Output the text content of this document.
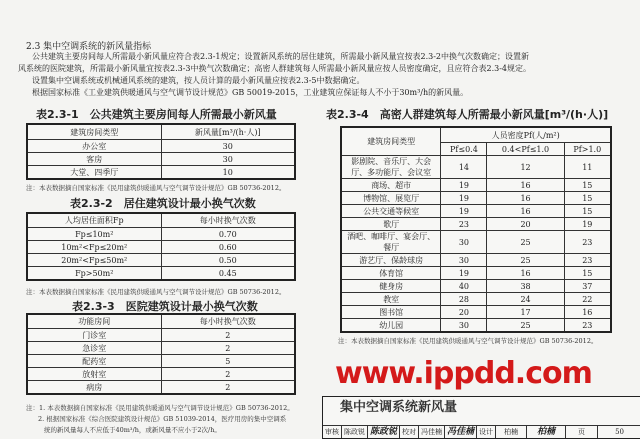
2.3 集中空调系统的新风量指标
公共建筑主要房间每人所需最小新风量应符合表2.3-1规定；设置新风系统的居住建筑，所需最小新风量宜按表2.3-2中换气次数确定；设置新
风系统的医院建筑，所需最小新风量宜按表2.3-3中换气次数确定；高密人群建筑每人所需最小新风量应按人员密度确定，且应符合表2.3-4规定。
设置集中空调系统或机械通风系统的建筑，按人员计算的最小新风量应按表2.3-5中数据确定。
根据国家标准《工业建筑供暖通风与空气调节设计规范》GB 50019-2015，工业建筑应保证每人不小于30m³/h的新风量。
表2.3-1　公共建筑主要房间每人所需最小新风量
建筑房间类型	新风量[m³/(h·人)]
办公室	30
客房	30
大堂、四季厅	10
注：本表数据摘自国家标准《民用建筑供暖通风与空气调节设计规范》GB 50736-2012。
表2.3-2　居住建筑设计最小换气次数
人均居住面积Fp	每小时换气次数
Fp≤10m²	0.70
10m²<Fp≤20m²	0.60
20m²<Fp≤50m²	0.50
Fp>50m²	0.45
注：本表数据摘自国家标准《民用建筑供暖通风与空气调节设计规范》GB 50736-2012。
表2.3-3　医院建筑设计最小换气次数
功能房间	每小时换气次数
门诊室	2
急诊室	2
配药室	5
放射室	2
病房	2
注：1. 本表数据摘自国家标准《民用建筑供暖通风与空气调节设计规范》GB 50736-2012。
2. 根据国家标准《综合医院建筑设计规范》GB 51039-2014，医疗用房的集中空调系
统的新风量每人不应低于40m³/h，或新风量不应小于2次/h。
表2.3-4　高密人群建筑每人所需最小新风量[m³/(h·人)]
建筑房间类型	人员密度Pf(人/m²)		
	Pf≤0.4	0.4<Pf≤1.0	Pf>1.0
影剧院、音乐厅、大会厅、多功能厅、会议室	14	12	11
商场、超市	19	16	15
博物馆、展览厅	19	16	15
公共交通等候室	19	16	15
歌厅	23	20	19
酒吧、咖啡厅、宴会厅、餐厅	30	25	23
游艺厅、保龄球房	30	25	23
体育馆	19	16	15
健身房	40	38	37
教室	28	24	22
图书馆	20	17	16
幼儿园	30	25	23
注：本表数据摘自国家标准《民用建筑供暖通风与空气调节设计规范》GB 50736-2012。
www.ippdd.com
审核 陈政锐 陈政锐 校对 冯佳楠 冯佳楠 设计	柏楠	柏楠	页	50
集中空调系统新风量
